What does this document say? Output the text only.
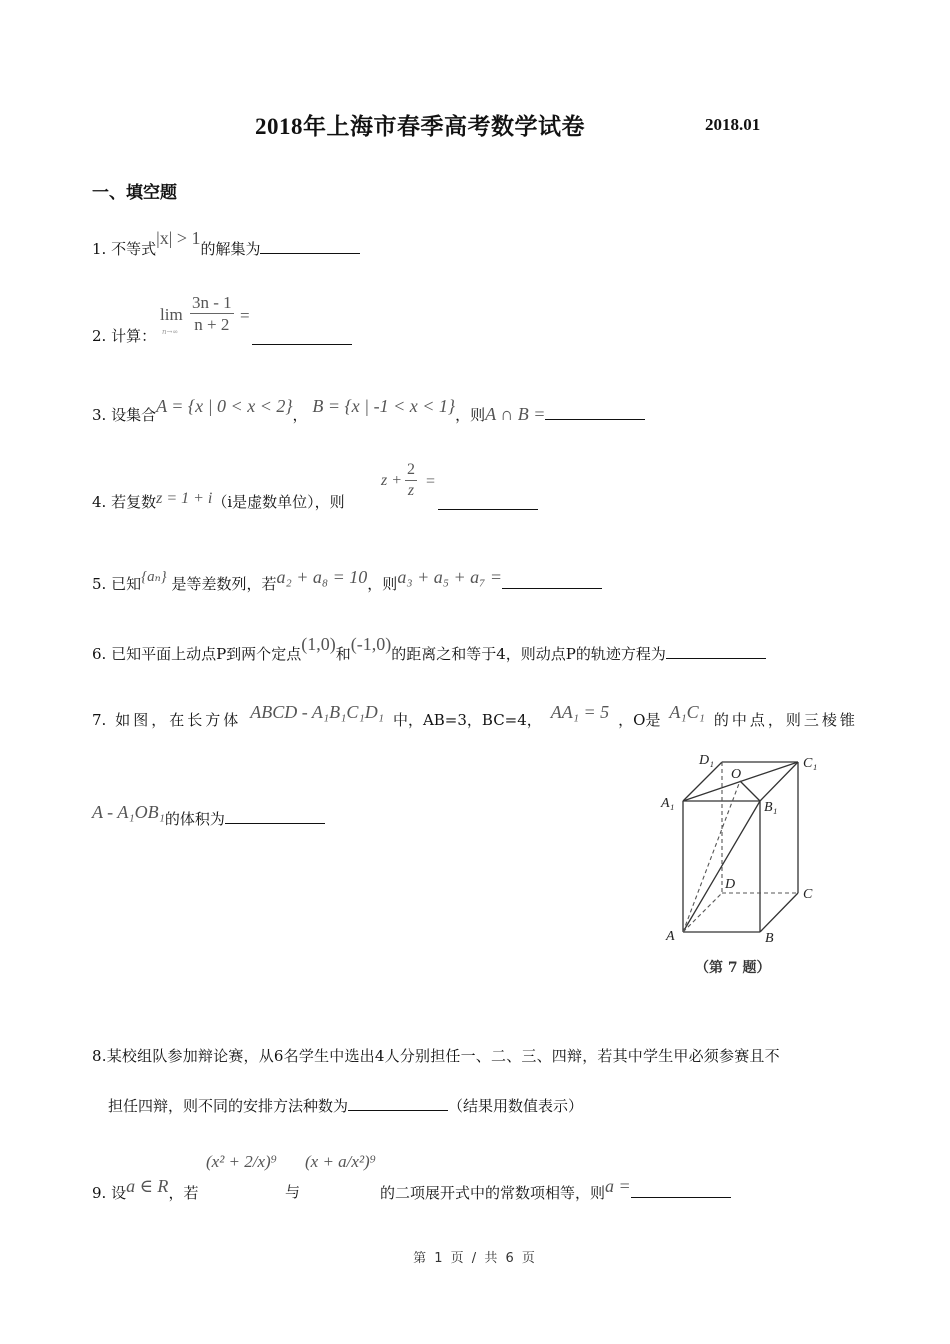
2018年上海市春季高考数学试卷	2018.01
一、填空题
1. 不等式|x| > 1的解集为
2. 计算：
lim
$n\to\infty \frac{3n - 1}{n + 2}$ =
3. 设集合A = {x | 0 < x < 2}， B = {x | -1 < x < 1}，则A ∩ B =
4. 若复数z = 1 + i（i是虚数单位），则
$z + \frac{2}{z}$ =
5. 已知{aₙ} 是等差数列，若a₂ + a₈ = 10，则a₃ + a₅ + a₇ =
6. 已知平面上动点P到两个定点(1,0)和(-1,0)的距离之和等于4，则动点P的轨迹方程为
7. 如图，在长方体 ABCD - A₁B₁C₁D₁ 中，AB=3，BC=4， AA₁ = 5 ，O是 A₁C₁ 的中点，则三棱锥
A - A₁OB₁的体积为
A	B
C
D
A₁	B₁
C₁
D₁
O
（第 7 题）
8.某校组队参加辩论赛，从6名学生中选出4人分别担任一、二、三、四辩，若其中学生甲必须参赛且不
担任四辩，则不同的安排方法种数为	（结果用数值表示）
9. 设a ∈ R，若
(x² + 2/x)⁹
与
(x + a/x²)⁹
的二项展开式中的常数项相等，则a =
第 1 页 / 共 6 页
